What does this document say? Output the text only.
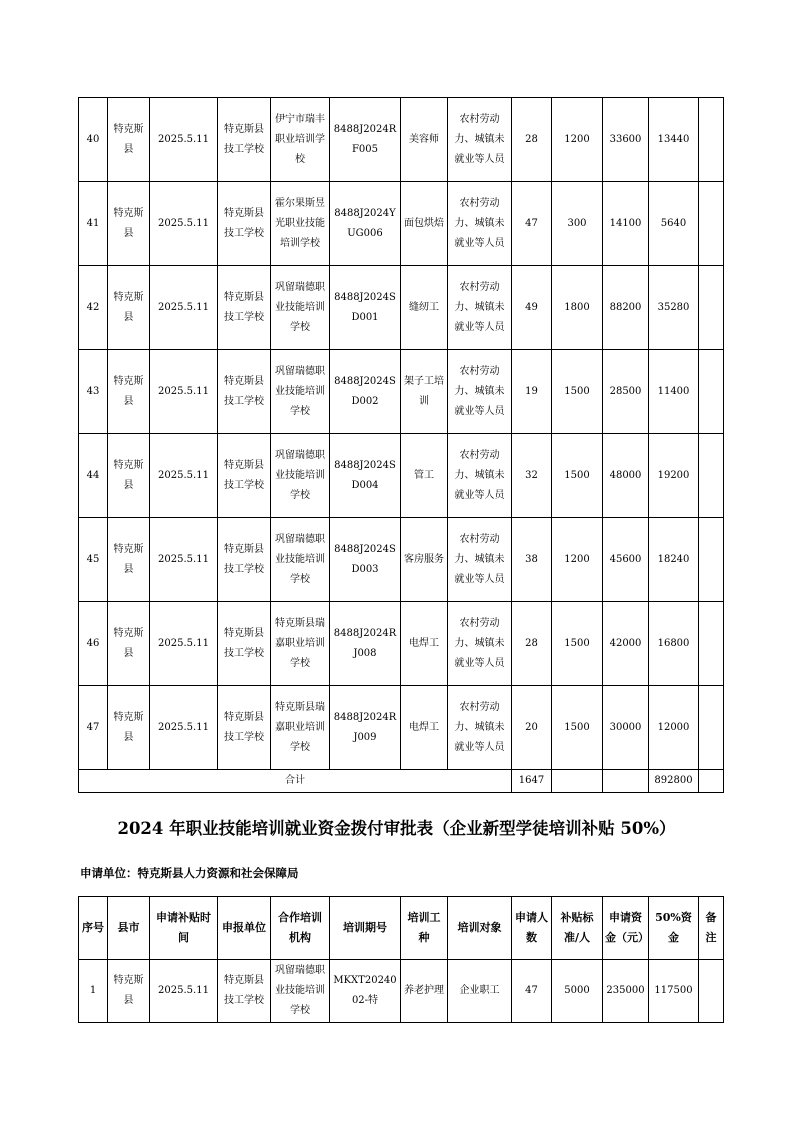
40	特克斯县	2025.5.11	特克斯县技工学校	伊宁市瑞丰职业培训学校	8488J2024RF005	美容师	农村劳动力、城镇未就业等人员	28	1200	33600	13440	
41	特克斯县	2025.5.11	特克斯县技工学校	霍尔果斯昱光职业技能培训学校	8488J2024YUG006	面包烘焙	农村劳动力、城镇未就业等人员	47	300	14100	5640	
42	特克斯县	2025.5.11	特克斯县技工学校	巩留瑞德职业技能培训学校	8488J2024SD001	缝纫工	农村劳动力、城镇未就业等人员	49	1800	88200	35280	
43	特克斯县	2025.5.11	特克斯县技工学校	巩留瑞德职业技能培训学校	8488J2024SD002	架子工培训	农村劳动力、城镇未就业等人员	19	1500	28500	11400	
44	特克斯县	2025.5.11	特克斯县技工学校	巩留瑞德职业技能培训学校	8488J2024SD004	管工	农村劳动力、城镇未就业等人员	32	1500	48000	19200	
45	特克斯县	2025.5.11	特克斯县技工学校	巩留瑞德职业技能培训学校	8488J2024SD003	客房服务	农村劳动力、城镇未就业等人员	38	1200	45600	18240	
46	特克斯县	2025.5.11	特克斯县技工学校	特克斯县瑞嘉职业培训学校	8488J2024RJ008	电焊工	农村劳动力、城镇未就业等人员	28	1500	42000	16800	
47	特克斯县	2025.5.11	特克斯县技工学校	特克斯县瑞嘉职业培训学校	8488J2024RJ009	电焊工	农村劳动力、城镇未就业等人员	20	1500	30000	12000	
合计								1647			892800	
2024 年职业技能培训就业资金拨付审批表（企业新型学徒培训补贴 50%）
申请单位：特克斯县人力资源和社会保障局
序号	县市	申请补贴时间	申报单位	合作培训机构	培训期号	培训工种	培训对象	申请人数	补贴标准/人	申请资金（元）	50%资金	备注
1	特克斯县	2025.5.11	特克斯县技工学校	巩留瑞德职业技能培训学校	MKXT2024002-特	养老护理	企业职工	47	5000	235000	117500	
